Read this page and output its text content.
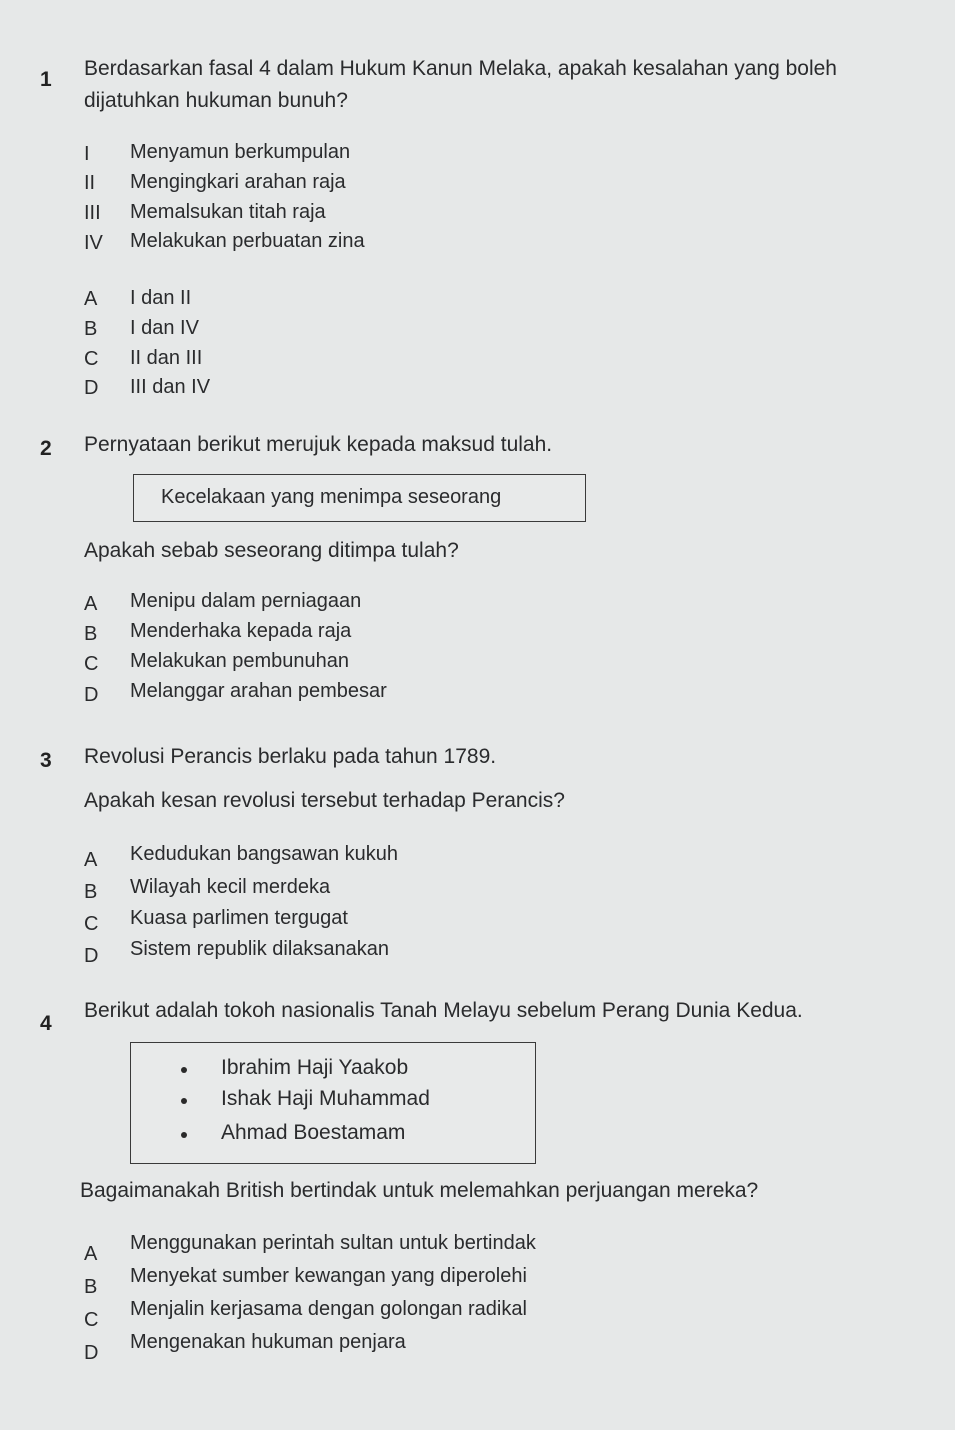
1 Berdasarkan fasal 4 dalam Hukum Kanun Melaka, apakah kesalahan yang boleh
dijatuhkan hukuman bunuh?
I Menyamun berkumpulan
II Mengingkari arahan raja
III Memalsukan titah raja
IV Melakukan perbuatan zina
A I dan II
B I dan IV
C II dan III
D III dan IV
2 Pernyataan berikut merujuk kepada maksud tulah.
Kecelakaan yang menimpa seseorang
Apakah sebab seseorang ditimpa tulah?
A Menipu dalam perniagaan
B Menderhaka kepada raja
C Melakukan pembunuhan
D Melanggar arahan pembesar
3 Revolusi Perancis berlaku pada tahun 1789.
Apakah kesan revolusi tersebut terhadap Perancis?
A Kedudukan bangsawan kukuh
B Wilayah kecil merdeka
C Kuasa parlimen tergugat
D Sistem republik dilaksanakan
4
Berikut adalah tokoh nasionalis Tanah Melayu sebelum Perang Dunia Kedua.
Ibrahim Haji Yaakob
Ishak Haji Muhammad
Ahmad Boestamam
Bagaimanakah British bertindak untuk melemahkan perjuangan mereka?
A Menggunakan perintah sultan untuk bertindak
B Menyekat sumber kewangan yang diperolehi
C Menjalin kerjasama dengan golongan radikal
D Mengenakan hukuman penjara
